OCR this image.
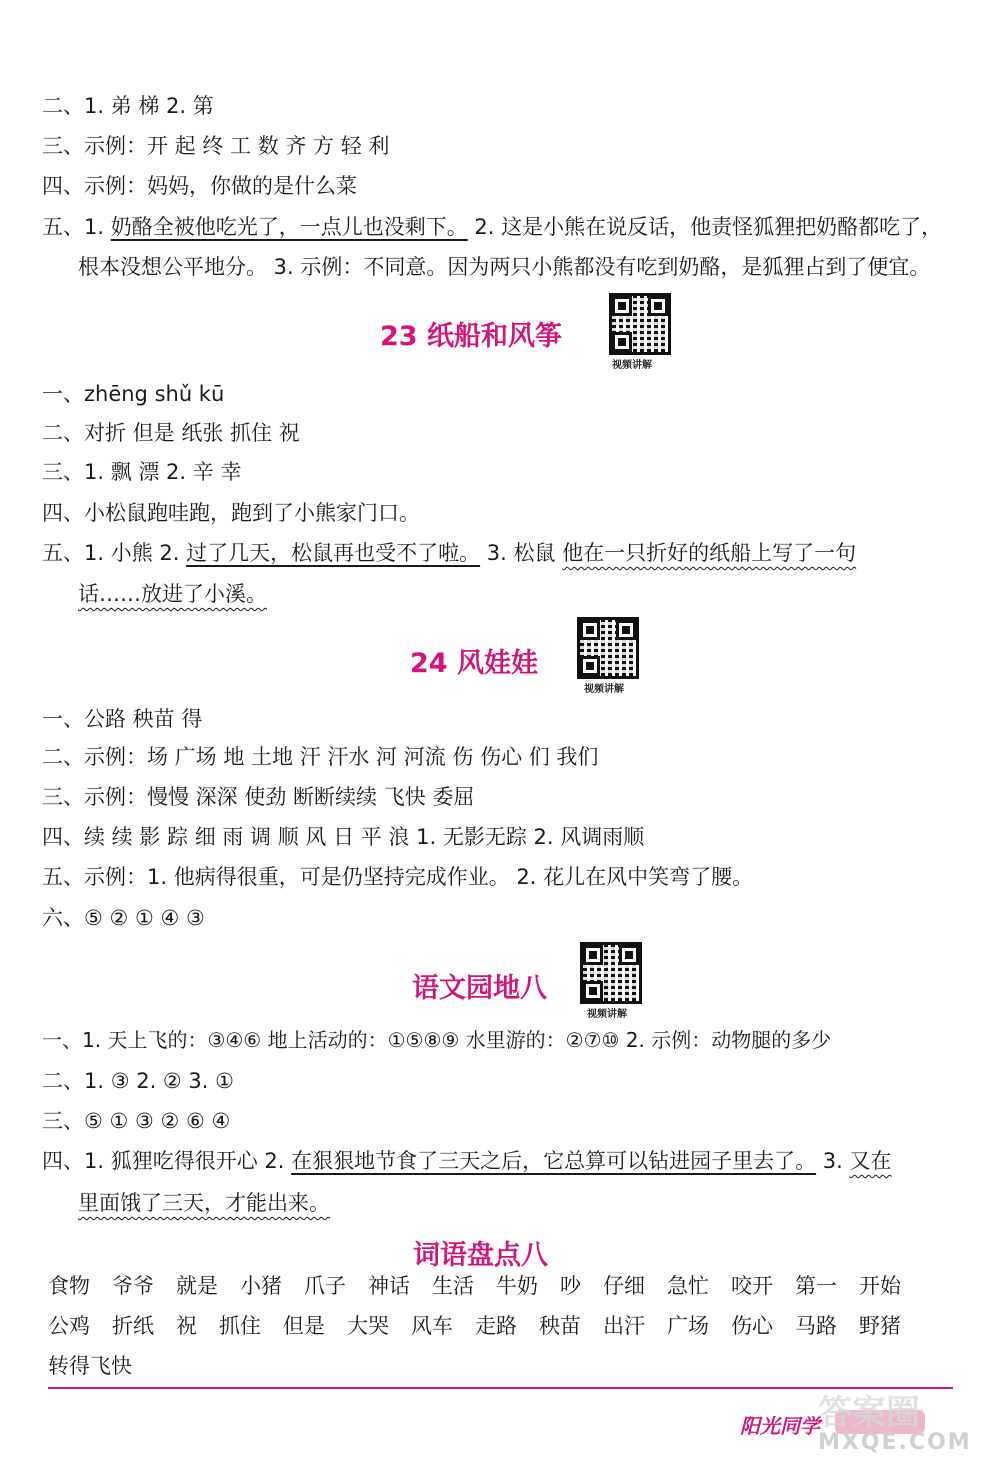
二、1. 弟 梯 2. 第
三、示例：开 起 终 工 数 齐 方 轻 利
四、示例：妈妈，你做的是什么菜
五、1. 奶酪全被他吃光了，一点儿也没剩下。 2. 这是小熊在说反话，他责怪狐狸把奶酪都吃了，
根本没想公平地分。 3. 示例：不同意。因为两只小熊都没有吃到奶酪，是狐狸占到了便宜。
23 纸船和风筝
视频讲解
一、zhēng shǔ kū
二、对折 但是 纸张 抓住 祝
三、1. 飘 漂 2. 辛 幸
四、小松鼠跑哇跑，跑到了小熊家门口。
五、1. 小熊 2. 过了几天，松鼠再也受不了啦。 3. 松鼠 他在一只折好的纸船上写了一句
话……放进了小溪。
24 风娃娃
视频讲解
一、公路 秧苗 得
二、示例：场 广场 地 土地 汗 汗水 河 河流 伤 伤心 们 我们
三、示例：慢慢 深深 使劲 断断续续 飞快 委屈
四、续 续 影 踪 细 雨 调 顺 风 日 平 浪 1. 无影无踪 2. 风调雨顺
五、示例：1. 他病得很重，可是仍坚持完成作业。 2. 花儿在风中笑弯了腰。
六、⑤ ② ① ④ ③
语文园地八
视频讲解
一、1. 天上飞的：③④⑥ 地上活动的：①⑤⑧⑨ 水里游的：②⑦⑩ 2. 示例：动物腿的多少
二、1. ③ 2. ② 3. ①
三、⑤ ① ③ ② ⑥ ④
四、1. 狐狸吃得很开心 2. 在狠狠地节食了三天之后，它总算可以钻进园子里去了。 3. 又在
里面饿了三天，才能出来。
词语盘点八
食物 爷爷 就是 小猪 爪子 神话 生活 牛奶 吵 仔细 急忙 咬开 第一 开始
公鸡 折纸 祝 抓住 但是 大哭 风车 走路 秧苗 出汗 广场 伤心 马路 野猪
转得飞快
阳光同学
答案圈
MXQE.COM
